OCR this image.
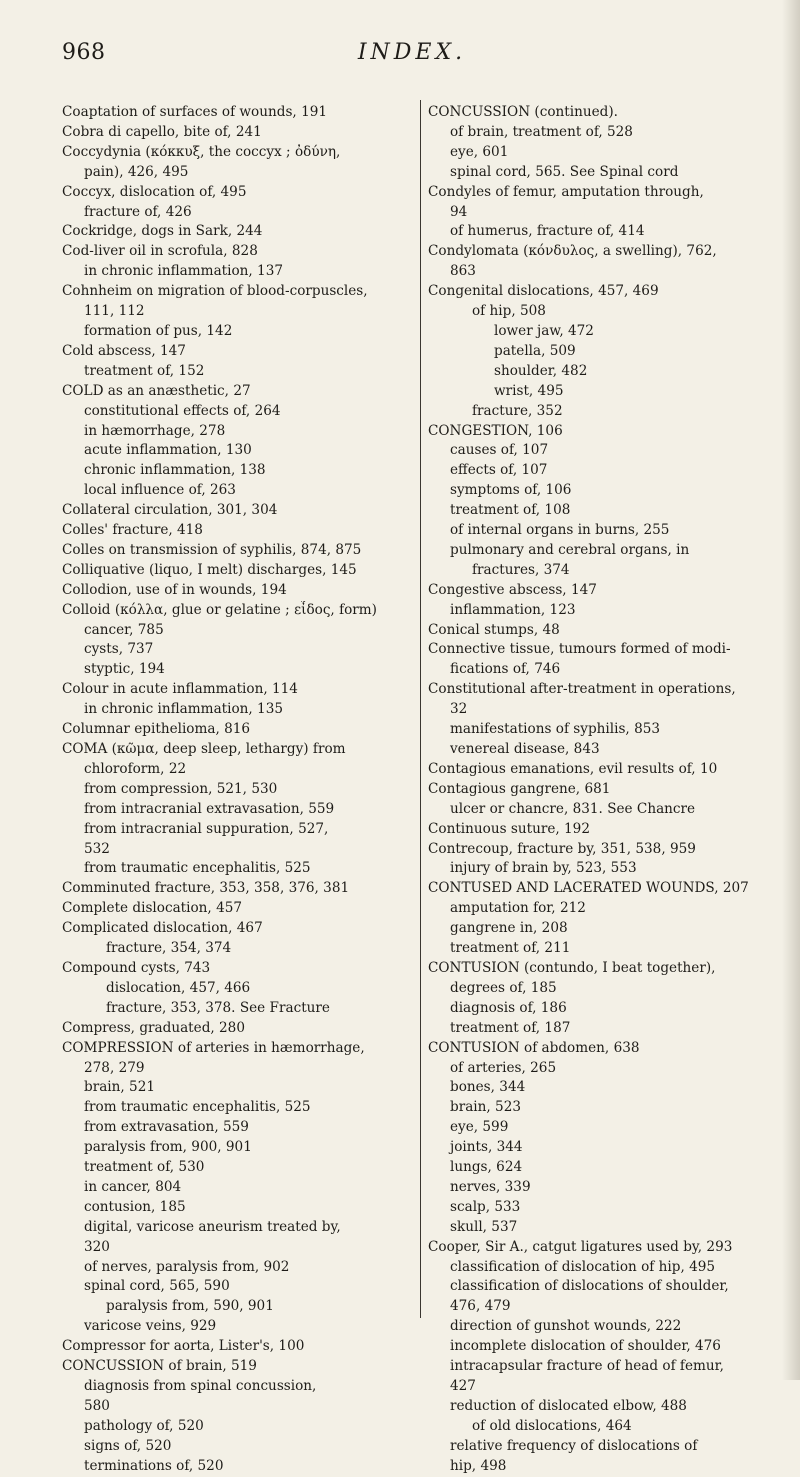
968	INDEX.
Coaptation of surfaces of wounds, 191
Cobra di capello, bite of, 241
Coccydynia (κόκκυξ, the coccyx ; ὀδύνη,
pain), 426, 495
Coccyx, dislocation of, 495
fracture of, 426
Cockridge, dogs in Sark, 244
Cod-liver oil in scrofula, 828
in chronic inflammation, 137
Cohnheim on migration of blood-corpuscles,
111, 112
formation of pus, 142
Cold abscess, 147
treatment of, 152
COLD as an anæsthetic, 27
constitutional effects of, 264
in hæmorrhage, 278
acute inflammation, 130
chronic inflammation, 138
local influence of, 263
Collateral circulation, 301, 304
Colles' fracture, 418
Colles on transmission of syphilis, 874, 875
Colliquative (liquo, I melt) discharges, 145
Collodion, use of in wounds, 194
Colloid (κόλλα, glue or gelatine ; εἶδος, form)
cancer, 785
cysts, 737
styptic, 194
Colour in acute inflammation, 114
in chronic inflammation, 135
Columnar epithelioma, 816
COMA (κῶμα, deep sleep, lethargy) from
chloroform, 22
from compression, 521, 530
from intracranial extravasation, 559
from intracranial suppuration, 527,
532
from traumatic encephalitis, 525
Comminuted fracture, 353, 358, 376, 381
Complete dislocation, 457
Complicated dislocation, 467
fracture, 354, 374
Compound cysts, 743
dislocation, 457, 466
fracture, 353, 378. See Fracture
Compress, graduated, 280
COMPRESSION of arteries in hæmorrhage,
278, 279
brain, 521
from traumatic encephalitis, 525
from extravasation, 559
paralysis from, 900, 901
treatment of, 530
in cancer, 804
contusion, 185
digital, varicose aneurism treated by,
320
of nerves, paralysis from, 902
spinal cord, 565, 590
paralysis from, 590, 901
varicose veins, 929
Compressor for aorta, Lister's, 100
CONCUSSION of brain, 519
diagnosis from spinal concussion,
580
pathology of, 520
signs of, 520
terminations of, 520
CONCUSSION (continued).
of brain, treatment of, 528
eye, 601
spinal cord, 565. See Spinal cord
Condyles of femur, amputation through,
94
of humerus, fracture of, 414
Condylomata (κόνδυλος, a swelling), 762,
863
Congenital dislocations, 457, 469
of hip, 508
lower jaw, 472
patella, 509
shoulder, 482
wrist, 495
fracture, 352
CONGESTION, 106
causes of, 107
effects of, 107
symptoms of, 106
treatment of, 108
of internal organs in burns, 255
pulmonary and cerebral organs, in
fractures, 374
Congestive abscess, 147
inflammation, 123
Conical stumps, 48
Connective tissue, tumours formed of modi-
fications of, 746
Constitutional after-treatment in operations,
32
manifestations of syphilis, 853
venereal disease, 843
Contagious emanations, evil results of, 10
Contagious gangrene, 681
ulcer or chancre, 831. See Chancre
Continuous suture, 192
Contrecoup, fracture by, 351, 538, 959
injury of brain by, 523, 553
CONTUSED AND LACERATED WOUNDS, 207
amputation for, 212
gangrene in, 208
treatment of, 211
CONTUSION (contundo, I beat together),
degrees of, 185
diagnosis of, 186
treatment of, 187
CONTUSION of abdomen, 638
of arteries, 265
bones, 344
brain, 523
eye, 599
joints, 344
lungs, 624
nerves, 339
scalp, 533
skull, 537
Cooper, Sir A., catgut ligatures used by, 293
classification of dislocation of hip, 495
classification of dislocations of shoulder,
476, 479
direction of gunshot wounds, 222
incomplete dislocation of shoulder, 476
intracapsular fracture of head of femur,
427
reduction of dislocated elbow, 488
of old dislocations, 464
relative frequency of dislocations of
hip, 498
